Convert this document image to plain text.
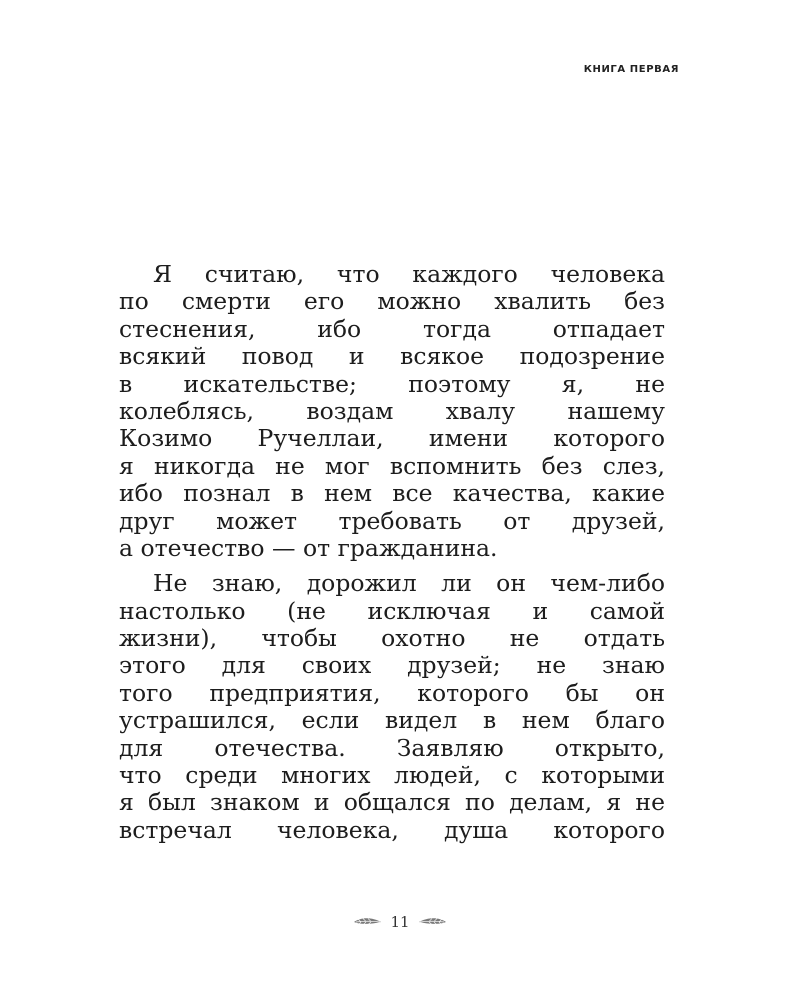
КНИГА ПЕРВАЯ

Я считаю, что каждого человека
по смерти его можно хвалить без
стеснения, ибо тогда отпадает
всякий повод и всякое подозрение
в искательстве; поэтому я, не
колеблясь, воздам хвалу нашему
Козимо Ручеллаи, имени которого
я никогда не мог вспомнить без слез,
ибо познал в нем все качества, какие
друг может требовать от друзей,
а отечество — от гражданина.

Не знаю, дорожил ли он чем-либо
настолько (не исключая и самой
жизни), чтобы охотно не отдать
этого для своих друзей; не знаю
того предприятия, которого бы он
устрашился, если видел в нем благо
для отечества. Заявляю открыто,
что среди многих людей, с которыми
я был знаком и общался по делам, я не
встречал человека, душа которого

11
